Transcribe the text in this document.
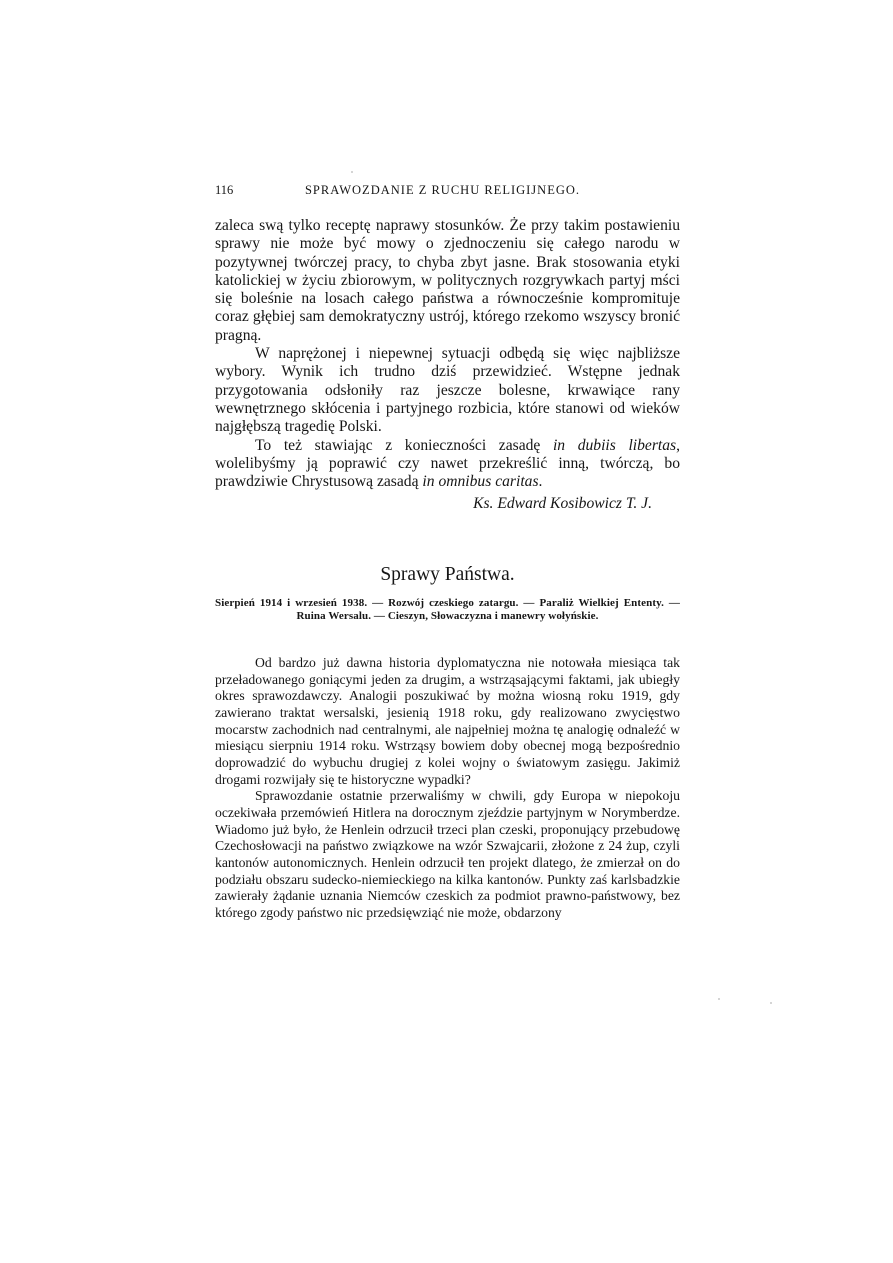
116	SPRAWOZDANIE Z RUCHU RELIGIJNEGO.

zaleca swą tylko receptę naprawy stosunków. Że przy takim postawieniu sprawy nie może być mowy o zjednoczeniu się całego narodu w pozytywnej twórczej pracy, to chyba zbyt jasne. Brak stosowania etyki katolickiej w życiu zbiorowym, w politycznych rozgrywkach partyj mści się boleśnie na losach całego państwa a równocześnie kompromituje coraz głębiej sam demokratyczny ustrój, którego rzekomo wszyscy bronić pragną.

W naprężonej i niepewnej sytuacji odbędą się więc najbliższe wybory. Wynik ich trudno dziś przewidzieć. Wstępne jednak przygotowania odsłoniły raz jeszcze bolesne, krwawiące rany wewnętrznego skłócenia i partyjnego rozbicia, które stanowi od wieków najgłębszą tragedię Polski.

To też stawiając z konieczności zasadę in dubiis libertas, wolelibyśmy ją poprawić czy nawet przekreślić inną, twórczą, bo prawdziwie Chrystusową zasadą in omnibus caritas.

Ks. Edward Kosibowicz T. J.
Sprawy Państwa.
Sierpień 1914 i wrzesień 1938. — Rozwój czeskiego zatargu. — Paraliż Wielkiej Ententy. — Ruina Wersalu. — Cieszyn, Słowaczyzna i manewry wołyńskie.

Od bardzo już dawna historia dyplomatyczna nie notowała miesiąca tak przeładowanego goniącymi jeden za drugim, a wstrząsającymi faktami, jak ubiegły okres sprawozdawczy. Analogii poszukiwać by można wiosną roku 1919, gdy zawierano traktat wersalski, jesienią 1918 roku, gdy realizowano zwycięstwo mocarstw zachodnich nad centralnymi, ale najpełniej można tę analogię odnaleźć w miesiącu sierpniu 1914 roku. Wstrząsy bowiem doby obecnej mogą bezpośrednio doprowadzić do wybuchu drugiej z kolei wojny o światowym zasięgu. Jakimiż drogami rozwijały się te historyczne wypadki?

Sprawozdanie ostatnie przerwaliśmy w chwili, gdy Europa w niepokoju oczekiwała przemówień Hitlera na dorocznym zjeździe partyjnym w Norymberdze. Wiadomo już było, że Henlein odrzucił trzeci plan czeski, proponujący przebudowę Czechosłowacji na państwo związkowe na wzór Szwajcarii, złożone z 24 żup, czyli kantonów autonomicznych. Henlein odrzucił ten projekt dlatego, że zmierzał on do podziału obszaru sudecko-niemieckiego na kilka kantonów. Punkty zaś karlsbadzkie zawierały żądanie uznania Niemców czeskich za podmiot prawno-państwowy, bez którego zgody państwo nic przedsięwziąć nie może, obdarzony
